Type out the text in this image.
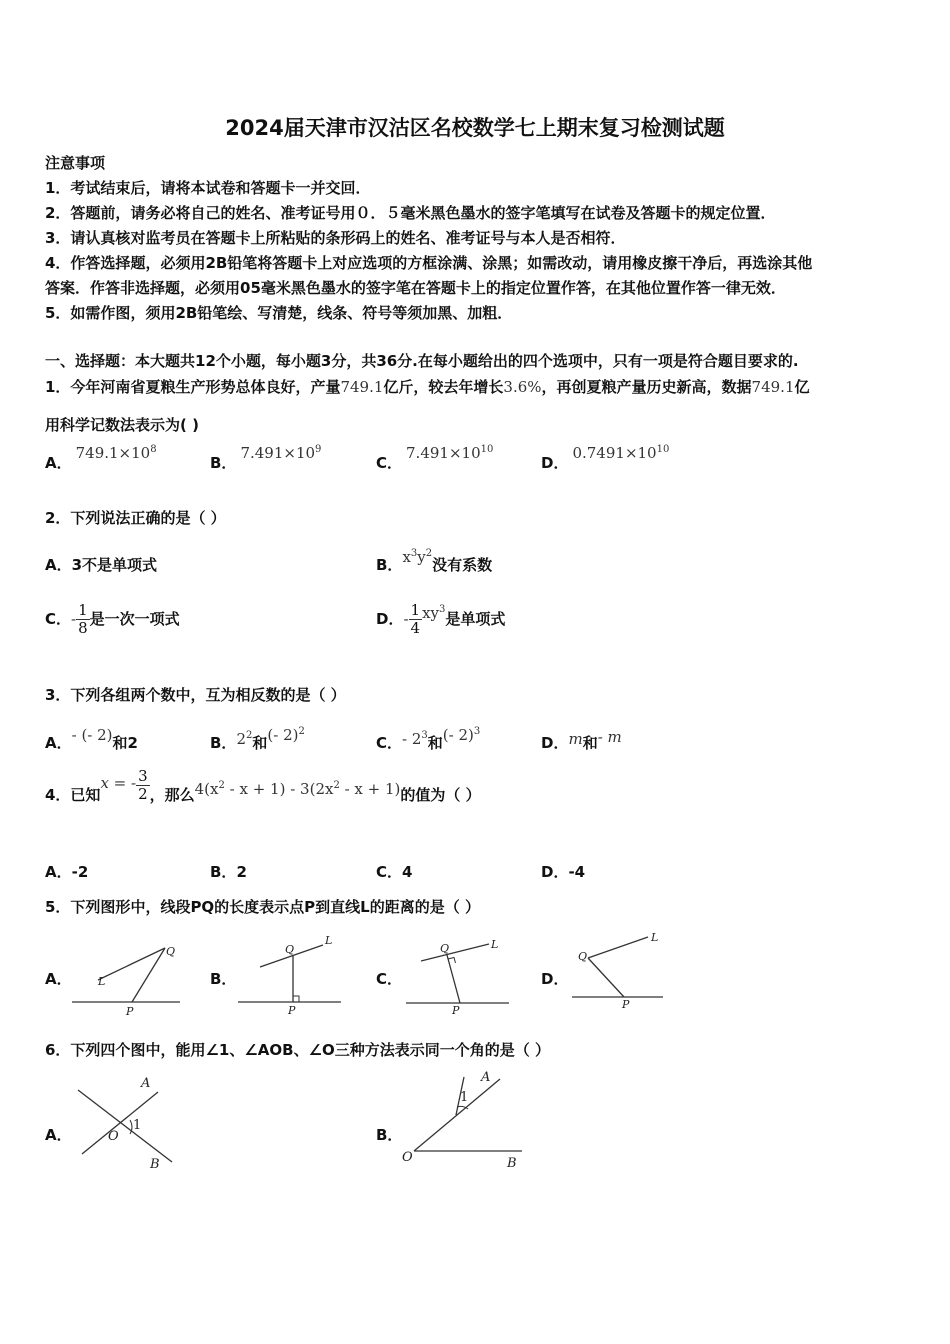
2024届天津市汉沽区名校数学七上期末复习检测试题
注意事项
1．考试结束后，请将本试卷和答题卡一并交回．
2．答题前，请务必将自己的姓名、准考证号用０．５毫米黑色墨水的签字笔填写在试卷及答题卡的规定位置．
3．请认真核对监考员在答题卡上所粘贴的条形码上的姓名、准考证号与本人是否相符．
4．作答选择题，必须用2B铅笔将答题卡上对应选项的方框涂满、涂黑；如需改动，请用橡皮擦干净后，再选涂其他
答案．作答非选择题，必须用05毫米黑色墨水的签字笔在答题卡上的指定位置作答，在其他位置作答一律无效．
5．如需作图，须用2B铅笔绘、写清楚，线条、符号等须加黑、加粗．
一、选择题：本大题共12个小题，每小题3分，共36分.在每小题给出的四个选项中，只有一项是符合题目要求的.
1．今年河南省夏粮生产形势总体良好，产量749.1亿斤，较去年增长3.6%，再创夏粮产量历史新高，数据749.1亿
用科学记数法表示为( )
A．$749.1\times 10^8$
B．$7.491\times 10^9$
C．$7.491\times 10^{10}$
D．$0.7491\times 10^{10}$
2．下列说法正确的是（ ）
A．3不是单项式	B．$x^3y^2$没有系数
C．- $\frac{1}{8}$ 是一次一项式	D．- $\frac{1}{4} xy^3$是单项式
3．下列各组两个数中，互为相反数的是（ ）
A．- (- 2)和2	B．$2^2$和(- 2)$^2$
C．- $2^3$和(- 2)$^3$
D．m和- m
4．已知x = - $\frac{3}{2}$ ，那么$4(x^2 - x + 1) - 3(2x^2 - x + 1)$的值为（ ）
A．-2	B．2	C．4	D．-4
5．下列图形中，线段PQ的长度表示点P到直线L的距离的是（ ）
A．
Q
L
P
B．
Q
L
P
C．
Q	L
P
D．
Q
L
P
6．下列四个图中，能用∠1、∠AOB、∠O三种方法表示同一个角的是（ ）
A．
A
B
O
1
B．
A
B
O
1
